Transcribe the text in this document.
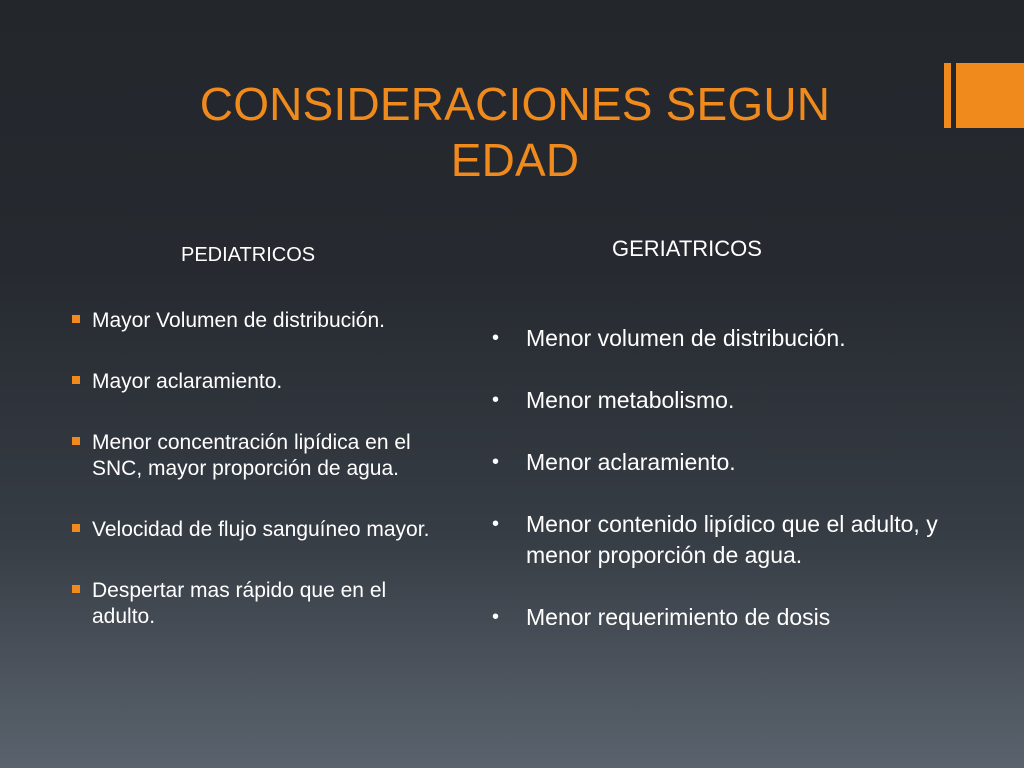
CONSIDERACIONES SEGUN
EDAD
PEDIATRICOS	GERIATRICOS
Mayor Volumen de distribución.
Mayor aclaramiento.
Menor concentración lipídica en el SNC, mayor proporción de agua.
Velocidad de flujo sanguíneo mayor.
Despertar mas rápido que en el adulto.
• Menor volumen de distribución.
• Menor metabolismo.
• Menor aclaramiento.
• Menor contenido lipídico que el adulto, y menor proporción de agua.
• Menor requerimiento de dosis
